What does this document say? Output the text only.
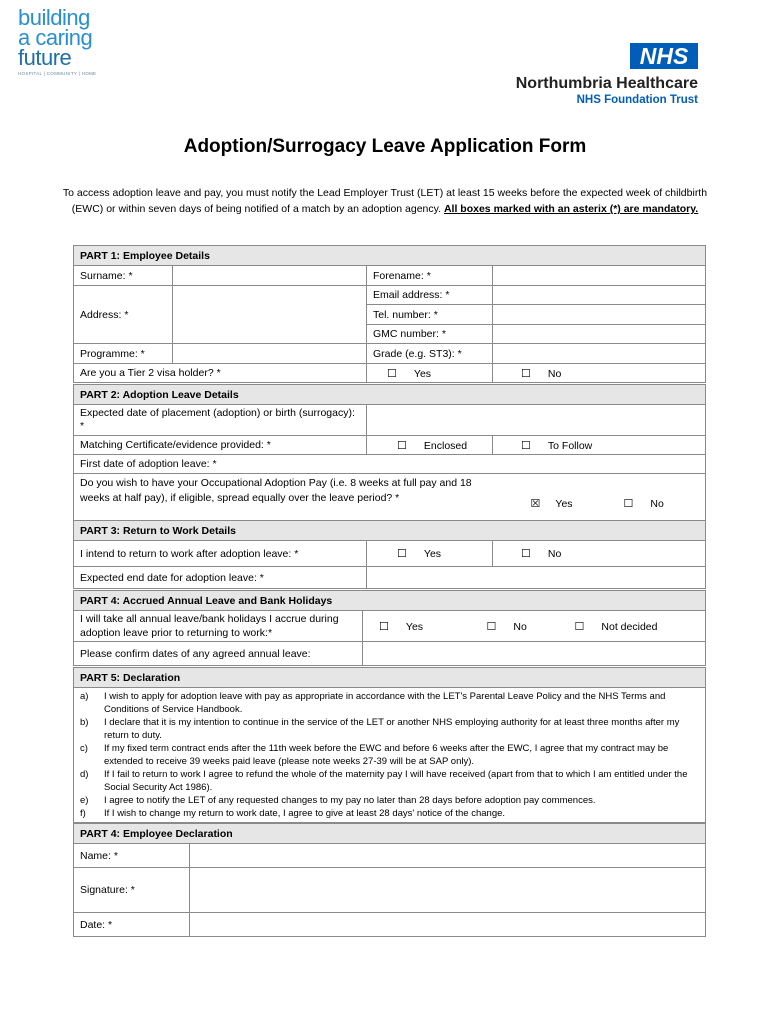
building
a caring
future
HOSPITAL | COMMUNITY | HOME
NHS
Northumbria Healthcare
NHS Foundation Trust
Adoption/Surrogacy Leave Application Form
To access adoption leave and pay, you must notify the Lead Employer Trust (LET) at least 15 weeks before the expected week of childbirth (EWC) or within seven days of being notified of a match by an adoption agency. All boxes marked with an asterix (*) are mandatory.
PART 1: Employee Details			
Surname: *		Forename: *	
Address: *		Email address: *	
		Tel. number: *	
		GMC number: *	
Programme: *		Grade (e.g. ST3): *	
Are you a Tier 2 visa holder? *		☐ Yes	☐ No
PART 2: Adoption Leave Details			
Expected date of placement (adoption) or birth (surrogacy): *			
Matching Certificate/evidence provided: *	☐ Enclosed	☐ To Follow	
First date of adoption leave: *			
Do you wish to have your Occupational Adoption Pay (i.e. 8 weeks at full pay and 18 weeks at half pay), if eligible, spread equally over the leave period? *		☒ Yes	☐ No
PART 3: Return to Work Details		
I intend to return to work after adoption leave: *	☐ Yes	☐ No
Expected end date for adoption leave: *		
PART 4: Accrued Annual Leave and Bank Holidays			
I will take all annual leave/bank holidays I accrue during adoption leave prior to returning to work:*	☐ Yes	☐ No	☐ Not decided
Please confirm dates of any agreed annual leave:			
PART 5: Declaration

a) I wish to apply for adoption leave with pay as appropriate in accordance with the LET's Parental Leave Policy and the NHS Terms and Conditions of Service Handbook.
b) I declare that it is my intention to continue in the service of the LET or another NHS employing authority for at least three months after my return to duty.
c) If my fixed term contract ends after the 11th week before the EWC and before 6 weeks after the EWC, I agree that my contract may be extended to receive 39 weeks paid leave (please note weeks 27-39 will be at SAP only).
d) If I fail to return to work I agree to refund the whole of the maternity pay I will have received (apart from that to which I am entitled under the Social Security Act 1986).
e) I agree to notify the LET of any requested changes to my pay no later than 28 days before adoption pay commences.
f) If I wish to change my return to work date, I agree to give at least 28 days' notice of the change.
PART 4: Employee Declaration	
Name: *	
Signature: *	
Date: *	
